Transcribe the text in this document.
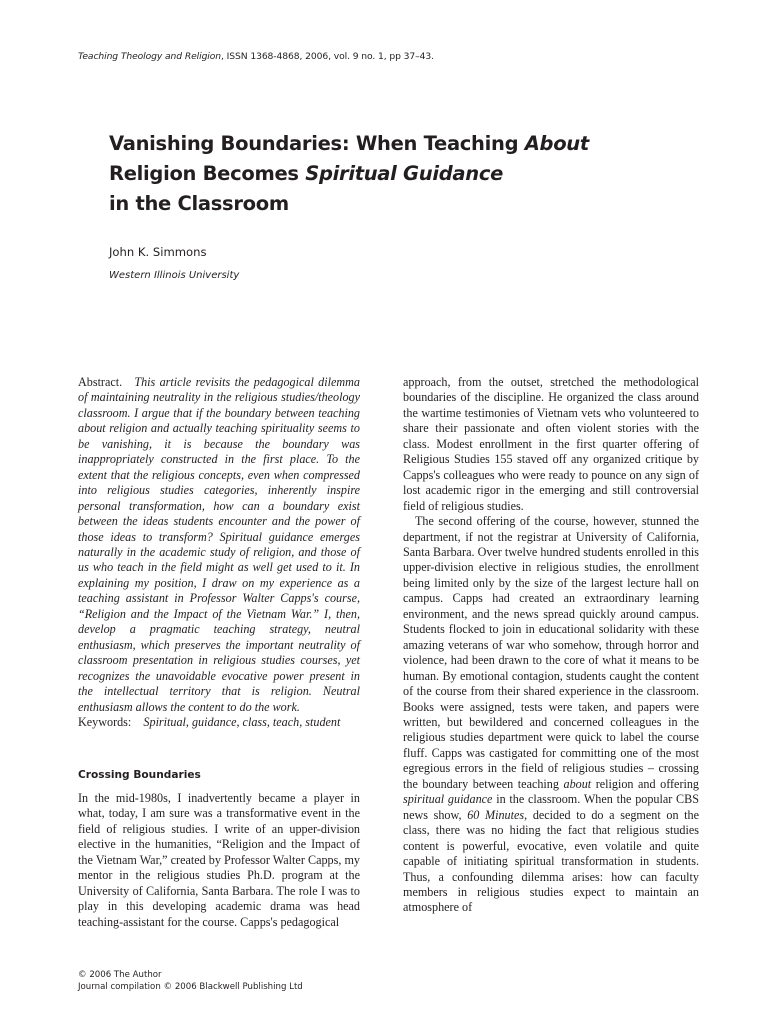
Teaching Theology and Religion, ISSN 1368-4868, 2006, vol. 9 no. 1, pp 37–43.
Vanishing Boundaries: When Teaching About
Religion Becomes Spiritual Guidance
in the Classroom
John K. Simmons
Western Illinois University

Abstract.  This article revisits the pedagogical dilemma of maintaining neutrality in the religious studies/theology classroom. I argue that if the boundary between teaching about religion and actually teaching spirituality seems to be vanishing, it is because the boundary was inappropriately constructed in the first place. To the extent that the religious concepts, even when compressed into religious studies categories, inherently inspire personal transformation, how can a boundary exist between the ideas students encounter and the power of those ideas to transform? Spiritual guidance emerges naturally in the academic study of religion, and those of us who teach in the field might as well get used to it. In explaining my position, I draw on my experience as a teaching assistant in Professor Walter Capps's course, “Religion and the Impact of the Vietnam War.” I, then, develop a pragmatic teaching strategy, neutral enthusiasm, which preserves the important neutrality of classroom presentation in religious studies courses, yet recognizes the unavoidable evocative power present in the intellectual territory that is religion. Neutral enthusiasm allows the content to do the work.

Keywords:  Spiritual, guidance, class, teach, student

Crossing Boundaries

In the mid-1980s, I inadvertently became a player in what, today, I am sure was a transformative event in the field of religious studies. I write of an upper-division elective in the humanities, “Religion and the Impact of the Vietnam War,” created by Professor Walter Capps, my mentor in the religious studies Ph.D. program at the University of California, Santa Barbara. The role I was to play in this developing academic drama was head teaching-assistant for the course. Capps's pedagogical

approach, from the outset, stretched the methodological boundaries of the discipline. He organized the class around the wartime testimonies of Vietnam vets who volunteered to share their passionate and often violent stories with the class. Modest enrollment in the first quarter offering of Religious Studies 155 staved off any organized critique by Capps's colleagues who were ready to pounce on any sign of lost academic rigor in the emerging and still controversial field of religious studies.

The second offering of the course, however, stunned the department, if not the registrar at University of California, Santa Barbara. Over twelve hundred students enrolled in this upper-division elective in religious studies, the enrollment being limited only by the size of the largest lecture hall on campus. Capps had created an extraordinary learning environment, and the news spread quickly around campus. Students flocked to join in educational solidarity with these amazing veterans of war who somehow, through horror and violence, had been drawn to the core of what it means to be human. By emotional contagion, students caught the content of the course from their shared experience in the classroom. Books were assigned, tests were taken, and papers were written, but bewildered and concerned colleagues in the religious studies department were quick to label the course fluff. Capps was castigated for committing one of the most egregious errors in the field of religious studies – crossing the boundary between teaching about religion and offering spiritual guidance in the classroom. When the popular CBS news show, 60 Minutes, decided to do a segment on the class, there was no hiding the fact that religious studies content is powerful, evocative, even volatile and quite capable of initiating spiritual transformation in students. Thus, a confounding dilemma arises: how can faculty members in religious studies expect to maintain an atmosphere of

© 2006 The Author
Journal compilation © 2006 Blackwell Publishing Ltd
